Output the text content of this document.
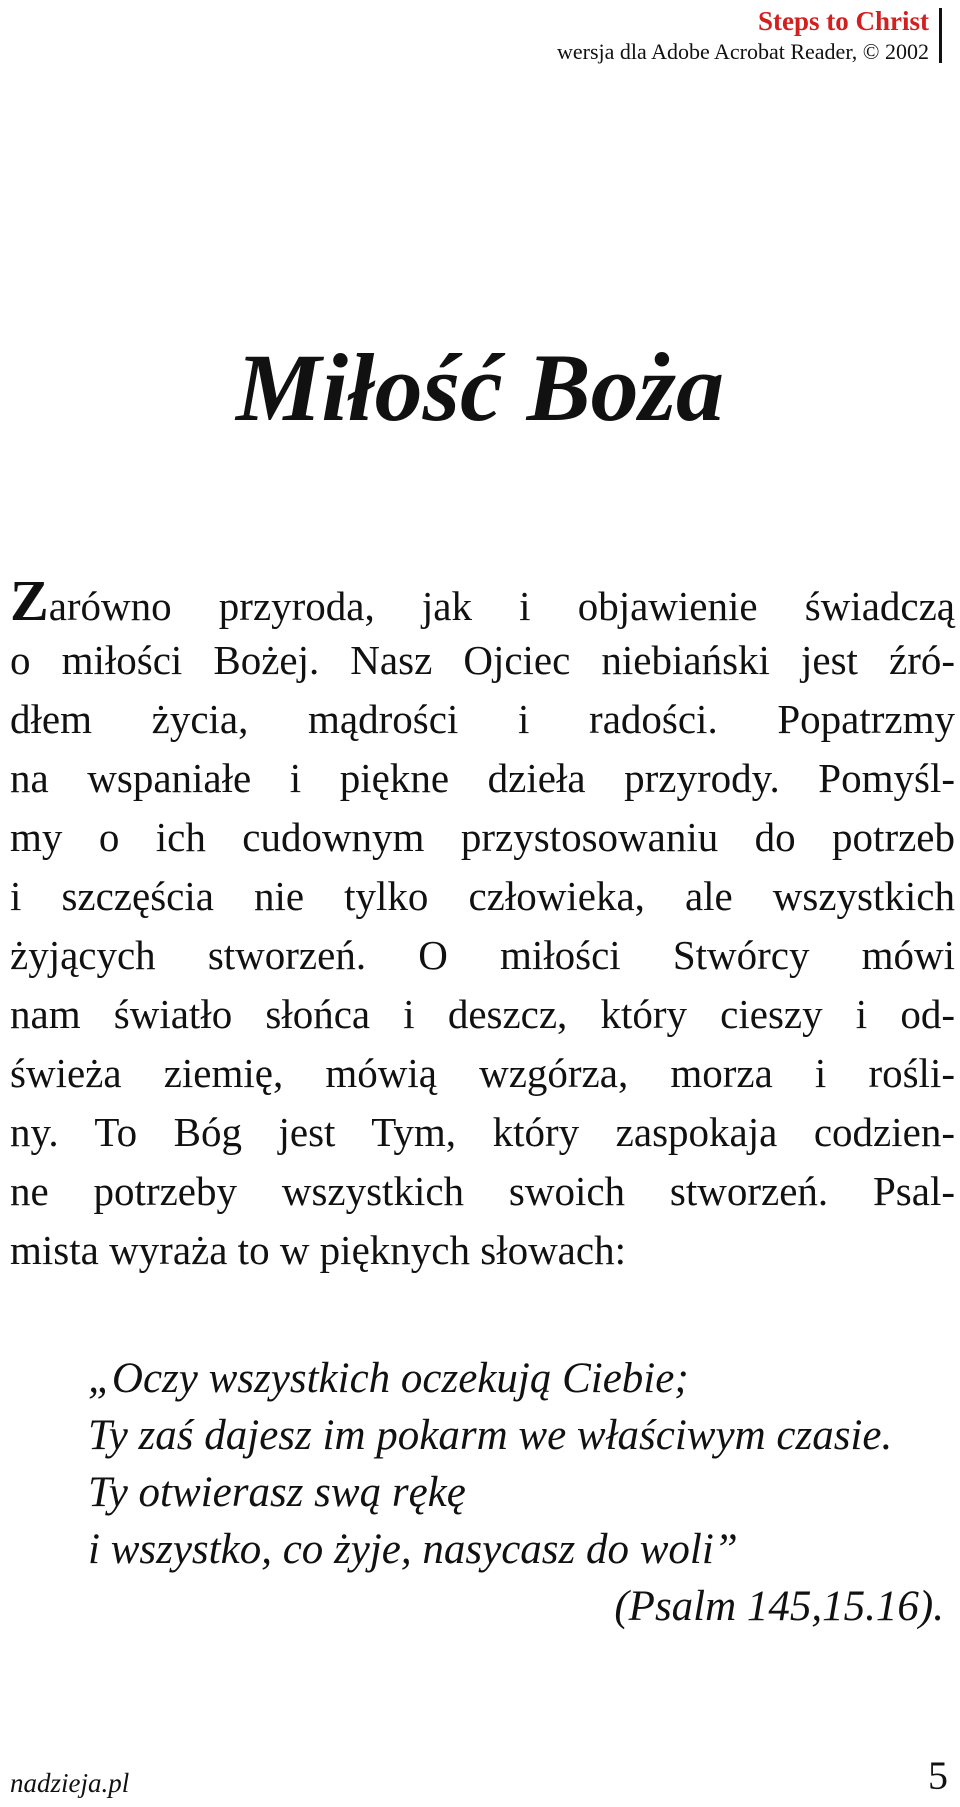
Steps to Christ
wersja dla Adobe Acrobat Reader, © 2002
Miłość Boża
Zarówno przyroda, jak i objawienie świadczą
o miłości Bożej. Nasz Ojciec niebiański jest źró-
dłem życia, mądrości i radości. Popatrzmy
na wspaniałe i piękne dzieła przyrody. Pomyśl-
my o ich cudownym przystosowaniu do potrzeb
i szczęścia nie tylko człowieka, ale wszystkich
żyjących stworzeń. O miłości Stwórcy mówi
nam światło słońca i deszcz, który cieszy i od-
świeża ziemię, mówią wzgórza, morza i rośli-
ny. To Bóg jest Tym, który zaspokaja codzien-
ne potrzeby wszystkich swoich stworzeń. Psal-
mista wyraża to w pięknych słowach:
„Oczy wszystkich oczekują Ciebie;
Ty zaś dajesz im pokarm we właściwym czasie.
Ty otwierasz swą rękę
i wszystko, co żyje, nasycasz do woli”
(Psalm 145,15.16).
nadzieja.pl	5
